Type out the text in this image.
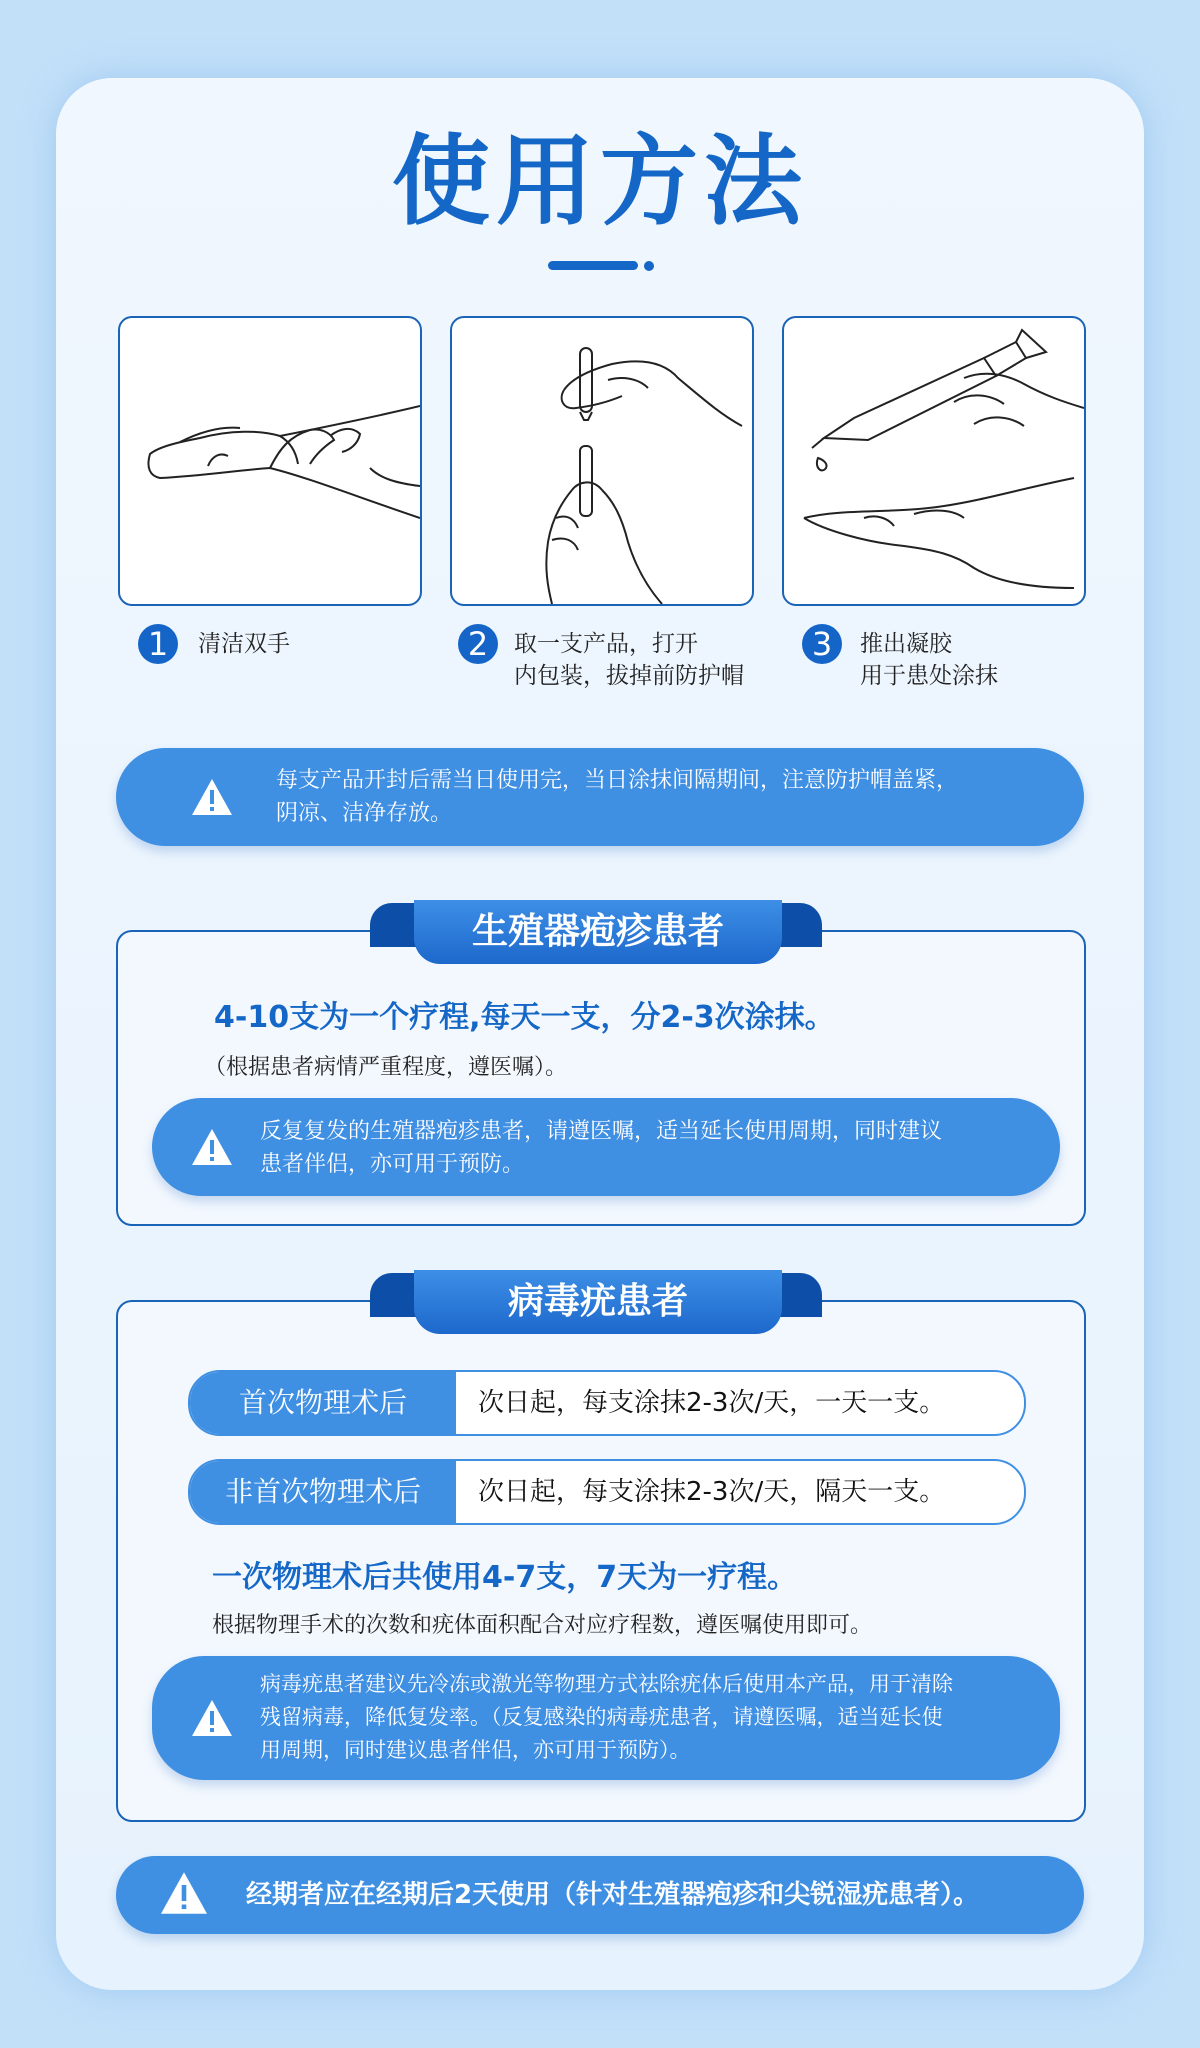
使用方法
1	清洁双手	2	取一支产品，打开
内包装，拔掉前防护帽
3	推出凝胶
用于患处涂抹
每支产品开封后需当日使用完，当日涂抹间隔期间，注意防护帽盖紧，
阴凉、洁净存放。
生殖器疱疹患者
4-10支为一个疗程,每天一支，分2-3次涂抹。
（根据患者病情严重程度，遵医嘱）。
反复复发的生殖器疱疹患者，请遵医嘱，适当延长使用周期，同时建议
患者伴侣，亦可用于预防。
病毒疣患者
首次物理术后	次日起，每支涂抹2-3次/天，一天一支。
非首次物理术后	次日起，每支涂抹2-3次/天，隔天一支。
一次物理术后共使用4-7支，7天为一疗程。
根据物理手术的次数和疣体面积配合对应疗程数，遵医嘱使用即可。
病毒疣患者建议先冷冻或激光等物理方式祛除疣体后使用本产品，用于清除
残留病毒，降低复发率。（反复感染的病毒疣患者，请遵医嘱，适当延长使
用周期，同时建议患者伴侣，亦可用于预防）。
经期者应在经期后2天使用（针对生殖器疱疹和尖锐湿疣患者）。
